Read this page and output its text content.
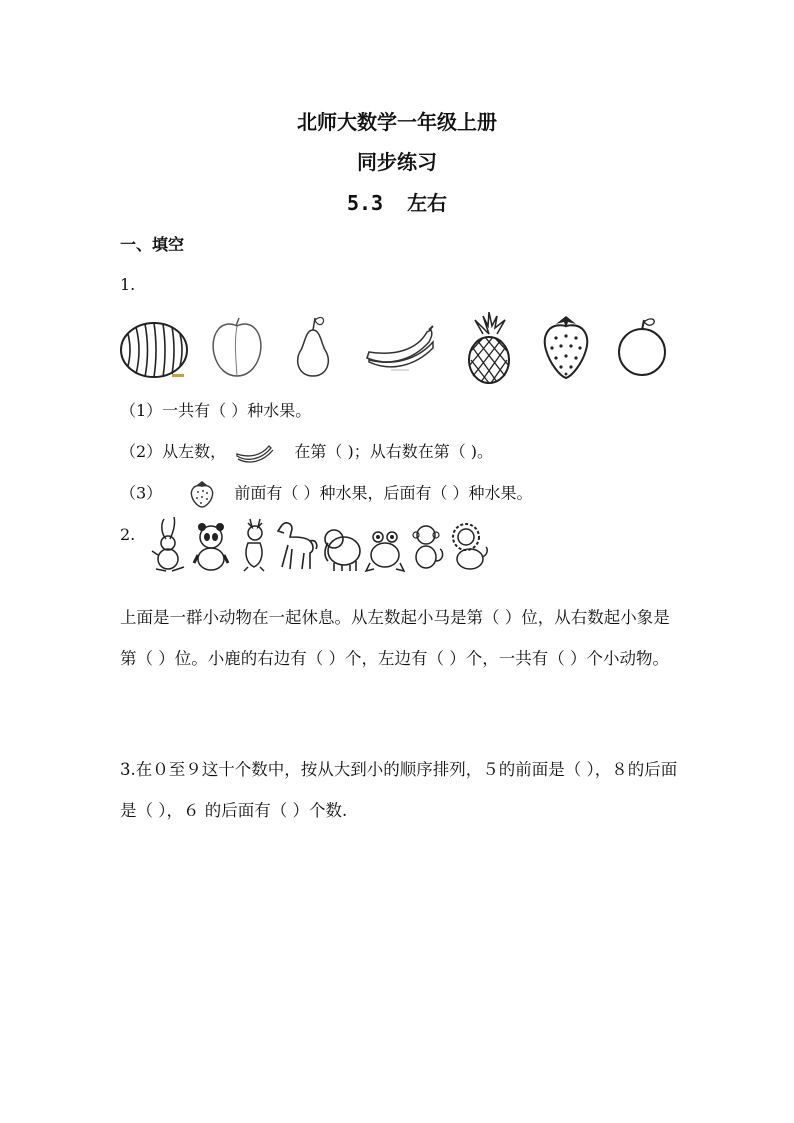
北师大数学一年级上册
同步练习
5.3 左右
一、填空
1.
（1）一共有（ ）种水果。
（2）从左数，	在第（ )；从右数在第（ )。
（3）	前面有（ ）种水果，后面有（ ）种水果。
2.
上面是一群小动物在一起休息。从左数起小马是第（ ）位，从右数起小象是第（ ）位。小鹿的右边有（ ）个，左边有（ ）个，一共有（ ）个小动物。
3.在０至９这十个数中，按从大到小的顺序排列，５的前面是（ ），８的后面是（ ），６ 的后面有（ ）个数.
